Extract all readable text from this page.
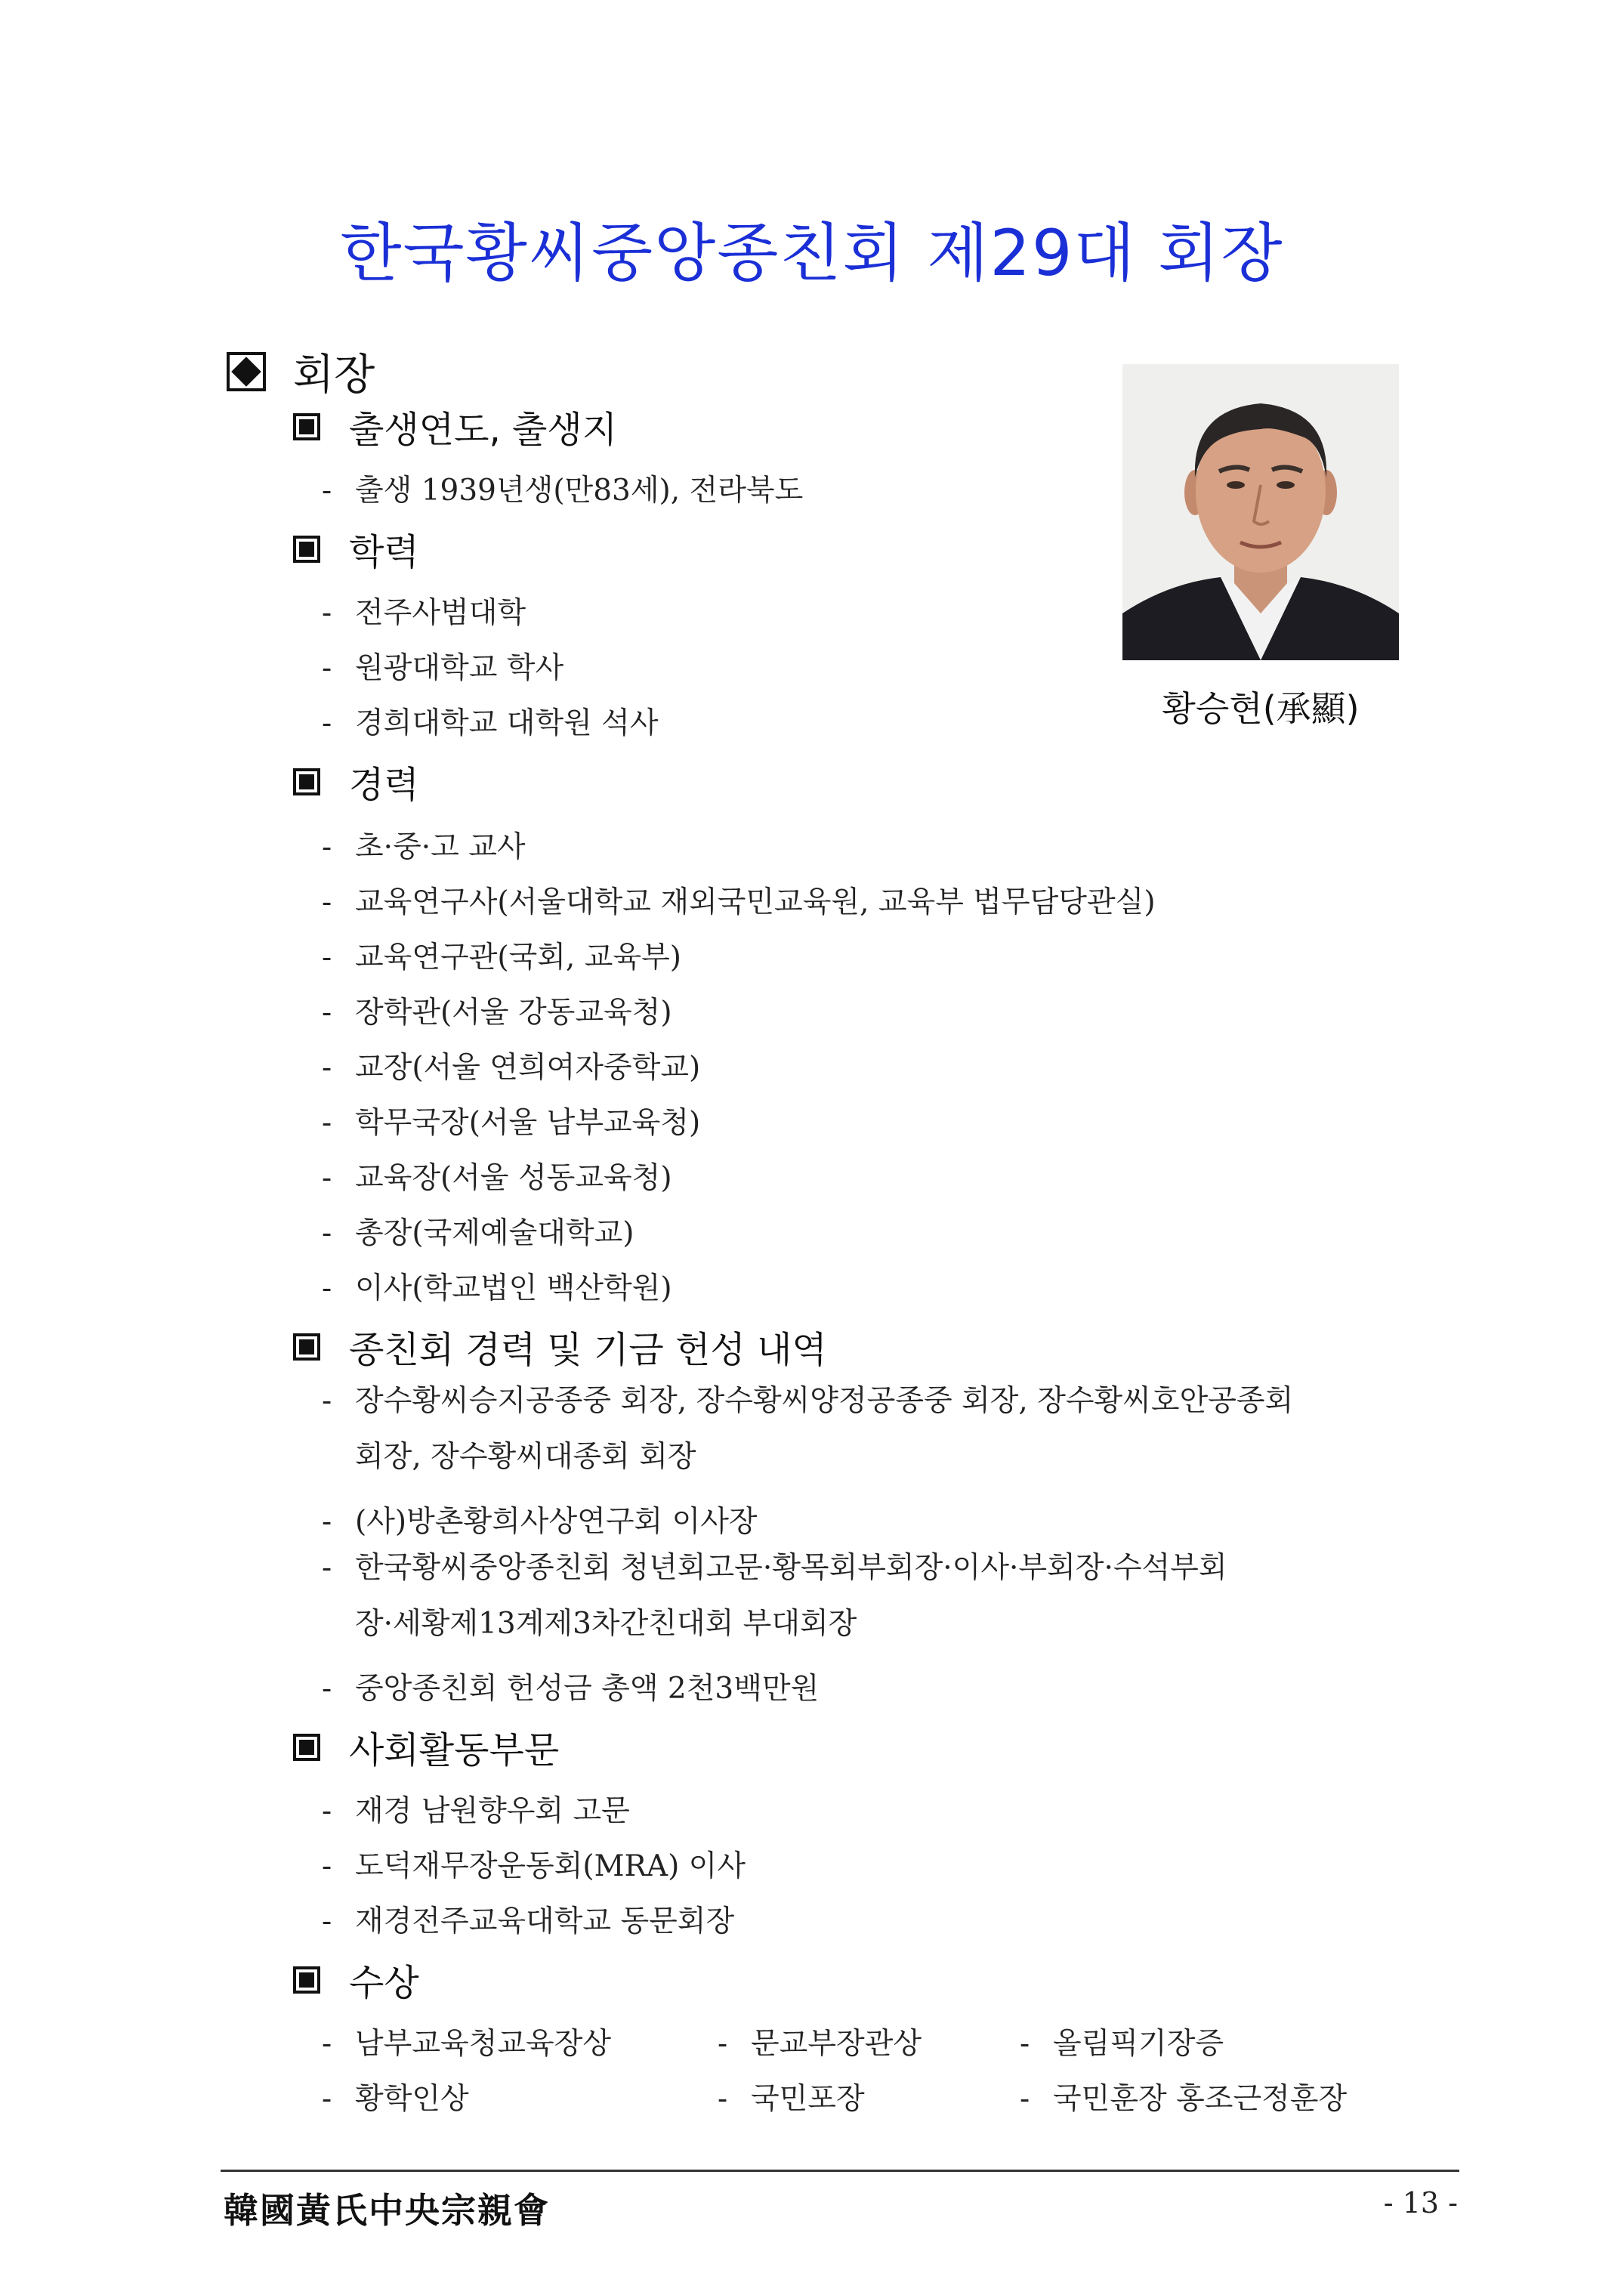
한국황씨중앙종친회 제29대 회장
회장
황승현(承顯)
출생연도, 출생지
- 출생 1939년생(만83세), 전라북도
학력
- 전주사범대학
- 원광대학교 학사
- 경희대학교 대학원 석사
경력
- 초·중·고 교사
- 교육연구사(서울대학교 재외국민교육원, 교육부 법무담당관실)
- 교육연구관(국회, 교육부)
- 장학관(서울 강동교육청)
- 교장(서울 연희여자중학교)
- 학무국장(서울 남부교육청)
- 교육장(서울 성동교육청)
- 총장(국제예술대학교)
- 이사(학교법인 백산학원)
종친회 경력 및 기금 헌성 내역
- 장수황씨승지공종중 회장, 장수황씨양정공종중 회장, 장수황씨호안공종회
회장, 장수황씨대종회 회장
- (사)방촌황희사상연구회 이사장
- 한국황씨중앙종친회 청년회고문·황목회부회장·이사·부회장·수석부회
장·세황제13계제3차간친대회 부대회장
- 중앙종친회 헌성금 총액 2천3백만원
사회활동부문
- 재경 남원향우회 고문
- 도덕재무장운동회(MRA) 이사
- 재경전주교육대학교 동문회장
수상
- 남부교육청교육장상	- 문교부장관상	- 올림픽기장증
- 황학인상	- 국민포장	- 국민훈장 홍조근정훈장
韓國黃氏中央宗親會	- 13 -
